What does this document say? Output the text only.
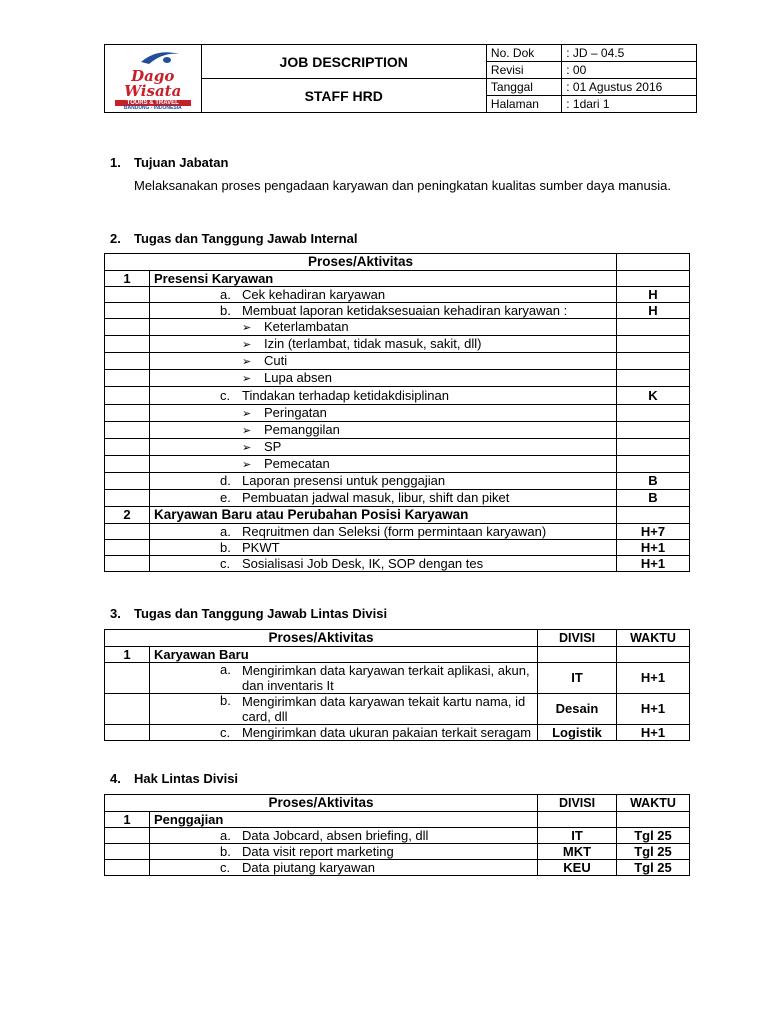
Dago Wisata
TOURS & TRAVEL
BANDUNG - INDONESIA	JOB DESCRIPTION	No. Dok	: JD – 04.5
		Revisi	: 00
	STAFF HRD	Tanggal	: 01 Agustus 2016
		Halaman	: 1dari 1
1. Tujuan Jabatan
Melaksanakan proses pengadaan karyawan dan peningkatan kualitas sumber daya manusia.
2. Tugas dan Tanggung Jawab Internal
Proses/Aktivitas		
1	Presensi Karyawan	
	a. Cek kehadiran karyawan	H
	b. Membuat laporan ketidaksesuaian kehadiran karyawan :	H
	➢ Keterlambatan	
	➢ Izin (terlambat, tidak masuk, sakit, dll)	
	➢ Cuti	
	➢ Lupa absen	
	c. Tindakan terhadap ketidakdisiplinan	K
	➢ Peringatan	
	➢ Pemanggilan	
	➢ SP	
	➢ Pemecatan	
	d. Laporan presensi untuk penggajian	B
	e. Pembuatan jadwal masuk, libur, shift dan piket	B
2	Karyawan Baru atau Perubahan Posisi Karyawan	
	a. Reqruitmen dan Seleksi (form permintaan karyawan)	H+7
	b. PKWT	H+1
	c. Sosialisasi Job Desk, IK, SOP dengan tes	H+1
3. Tugas dan Tanggung Jawab Lintas Divisi
Proses/Aktivitas		DIVISI	WAKTU
1	Karyawan Baru		
	a. Mengirimkan data karyawan terkait aplikasi, akun,
dan inventaris It	IT	H+1
	b. Mengirimkan data karyawan tekait kartu nama, id
card, dll	Desain	H+1
	c. Mengirimkan data ukuran pakaian terkait seragam	Logistik	H+1
4. Hak Lintas Divisi
Proses/Aktivitas		DIVISI	WAKTU
1	Penggajian		
	a. Data Jobcard, absen briefing, dll	IT	Tgl 25
	b. Data visit report marketing	MKT	Tgl 25
	c. Data piutang karyawan	KEU	Tgl 25
